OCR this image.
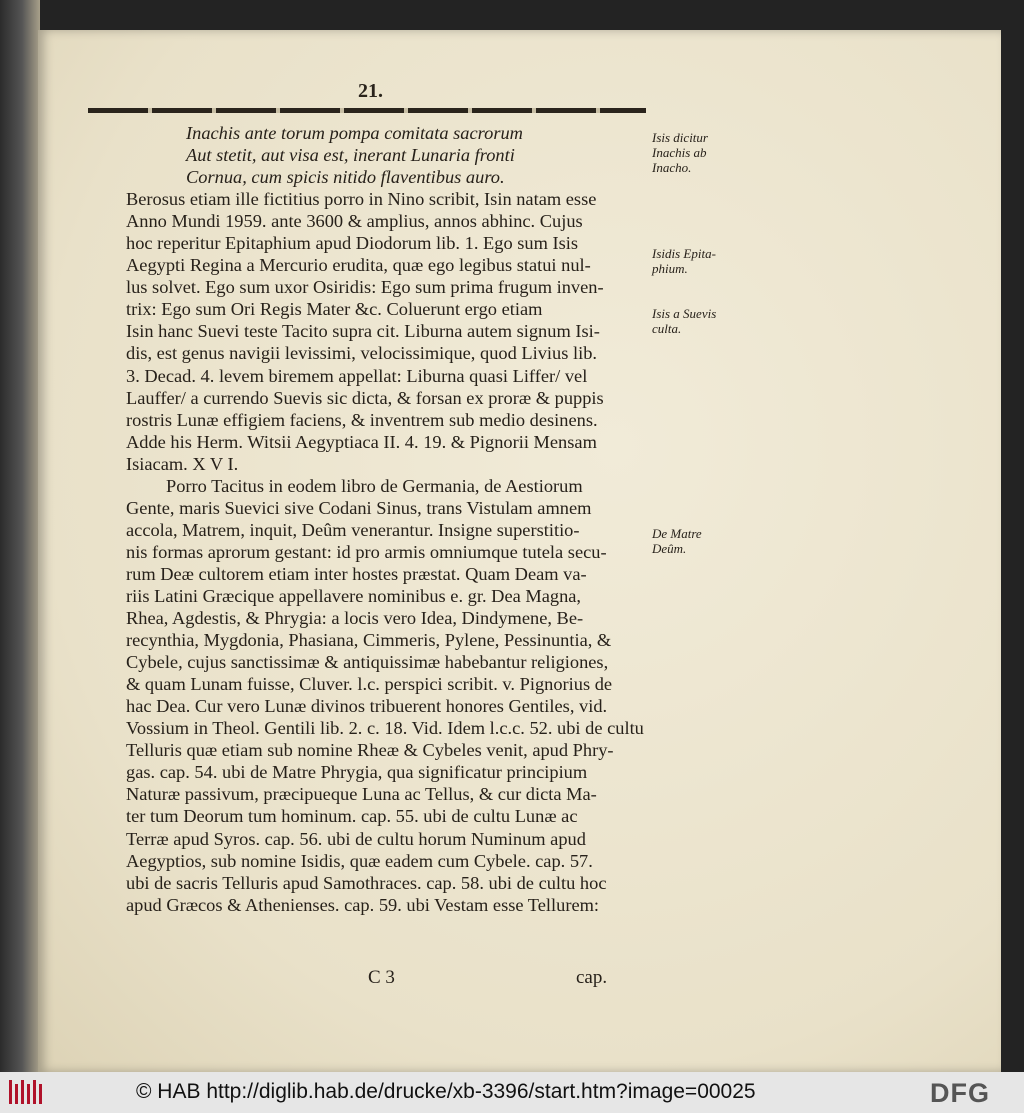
21.
Inachis ante torum pompa comitata sacrorum
Aut stetit, aut visa est, inerant Lunaria fronti
Cornua, cum spicis nitido flaventibus auro.
Berosus etiam ille fictitius porro in Nino scribit, Isin natam esse
Anno Mundi 1959. ante 3600 & amplius, annos abhinc. Cujus
hoc reperitur Epitaphium apud Diodorum lib. 1. Ego sum Isis
Aegypti Regina a Mercurio erudita, quæ ego legibus statui nul-
lus solvet. Ego sum uxor Osiridis: Ego sum prima frugum inven-
trix: Ego sum Ori Regis Mater &c. Coluerunt ergo etiam
Isin hanc Suevi teste Tacito supra cit. Liburna autem signum Isi-
dis, est genus navigii levissimi, velocissimique, quod Livius lib.
3. Decad. 4. levem biremem appellat: Liburna quasi Liffer/ vel
Lauffer/ a currendo Suevis sic dicta, & forsan ex proræ & puppis
rostris Lunæ effigiem faciens, & inventrem sub medio desinens.
Adde his Herm. Witsii Aegyptiaca II. 4. 19. & Pignorii Mensam
Isiacam. X V I.
Porro Tacitus in eodem libro de Germania, de Aestiorum
Gente, maris Suevici sive Codani Sinus, trans Vistulam amnem
accola, Matrem, inquit, Deûm venerantur. Insigne superstitio-
nis formas aprorum gestant: id pro armis omniumque tutela secu-
rum Deæ cultorem etiam inter hostes præstat. Quam Deam va-
riis Latini Græcique appellavere nominibus e. gr. Dea Magna,
Rhea, Agdestis, & Phrygia: a locis vero Idea, Dindymene, Be-
recynthia, Mygdonia, Phasiana, Cimmeris, Pylene, Pessinuntia, &
Cybele, cujus sanctissimæ & antiquissimæ habebantur religiones,
& quam Lunam fuisse, Cluver. l.c. perspici scribit. v. Pignorius de
hac Dea. Cur vero Lunæ divinos tribuerent honores Gentiles, vid.
Vossium in Theol. Gentili lib. 2. c. 18. Vid. Idem l.c.c. 52. ubi de cultu
Telluris quæ etiam sub nomine Rheæ & Cybeles venit, apud Phry-
gas. cap. 54. ubi de Matre Phrygia, qua significatur principium
Naturæ passivum, præcipueque Luna ac Tellus, & cur dicta Ma-
ter tum Deorum tum hominum. cap. 55. ubi de cultu Lunæ ac
Terræ apud Syros. cap. 56. ubi de cultu horum Numinum apud
Aegyptios, sub nomine Isidis, quæ eadem cum Cybele. cap. 57.
ubi de sacris Telluris apud Samothraces. cap. 58. ubi de cultu hoc
apud Græcos & Athenienses. cap. 59. ubi Vestam esse Tellurem:
Isis dicitur
Inachis ab
Inacho.
Isidis Epita-
phium.
Isis a Suevis
culta.
De Matre
Deûm.
C 3	cap.
© HAB http://diglib.hab.de/drucke/xb-3396/start.htm?image=00025	DFG
